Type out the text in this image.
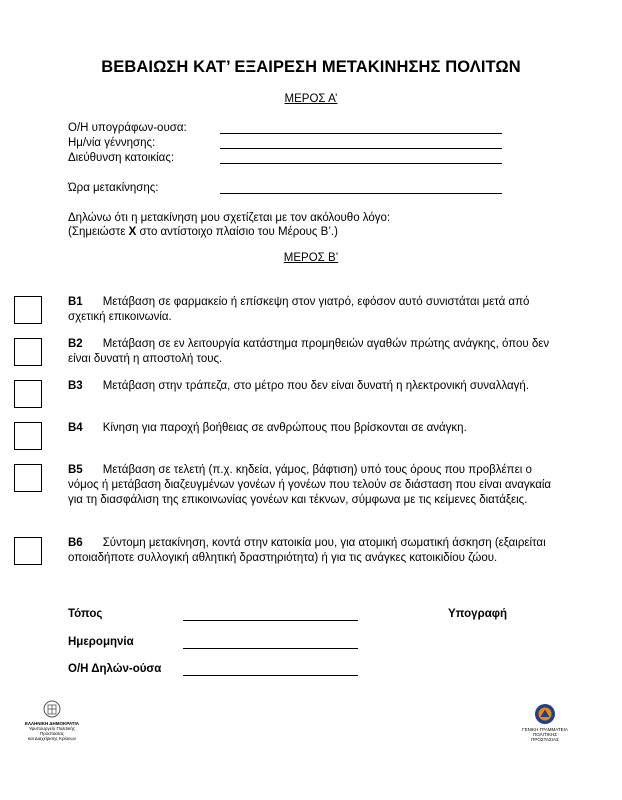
ΒΕΒΑΙΩΣΗ ΚΑΤ’ ΕΞΑΙΡΕΣΗ ΜΕΤΑΚΙΝΗΣΗΣ ΠΟΛΙΤΩΝ
ΜΕΡΟΣ Α’
Ο/Η υπογράφων-ουσα:
Ημ/νία γέννησης:
Διεύθυνση κατοικίας:
Ώρα μετακίνησης:
Δηλώνω ότι η μετακίνηση μου σχετίζεται με τον ακόλουθο λόγο:
(Σημειώστε X στο αντίστοιχο πλαίσιο του Μέρους Β’.)
ΜΕΡΟΣ Β’
Β1 Μετάβαση σε φαρμακείο ή επίσκεψη στον γιατρό, εφόσον αυτό συνιστάται μετά από σχετική επικοινωνία.
Β2 Μετάβαση σε εν λειτουργία κατάστημα προμηθειών αγαθών πρώτης ανάγκης, όπου δεν είναι δυνατή η αποστολή τους.
Β3 Μετάβαση στην τράπεζα, στο μέτρο που δεν είναι δυνατή η ηλεκτρονική συναλλαγή.
Β4 Κίνηση για παροχή βοήθειας σε ανθρώπους που βρίσκονται σε ανάγκη.
Β5 Μετάβαση σε τελετή (π.χ. κηδεία, γάμος, βάφτιση) υπό τους όρους που προβλέπει ο νόμος ή μετάβαση διαζευγμένων γονέων ή γονέων που τελούν σε διάσταση που είναι αναγκαία για τη διασφάλιση της επικοινωνίας γονέων και τέκνων, σύμφωνα με τις κείμενες διατάξεις.
Β6 Σύντομη μετακίνηση, κοντά στην κατοικία μου, για ατομική σωματική άσκηση (εξαιρείται οποιαδήποτε συλλογική αθλητική δραστηριότητα) ή για τις ανάγκες κατοικιδίου ζώου.
Τόπος	Υπογραφή
Ημερομηνία
Ο/Η Δηλών-ούσα
ΕΛΛΗΝΙΚΗ ΔΗΜΟΚΡΑΤΙΑ
Υφυπουργείο Πολιτικής Προστασίας
και Διαχείρισης Κρίσεων
ΓΕΝΙΚΗ ΓΡΑΜΜΑΤΕΙΑ
ΠΟΛΙΤΙΚΗΣ ΠΡΟΣΤΑΣΙΑΣ
